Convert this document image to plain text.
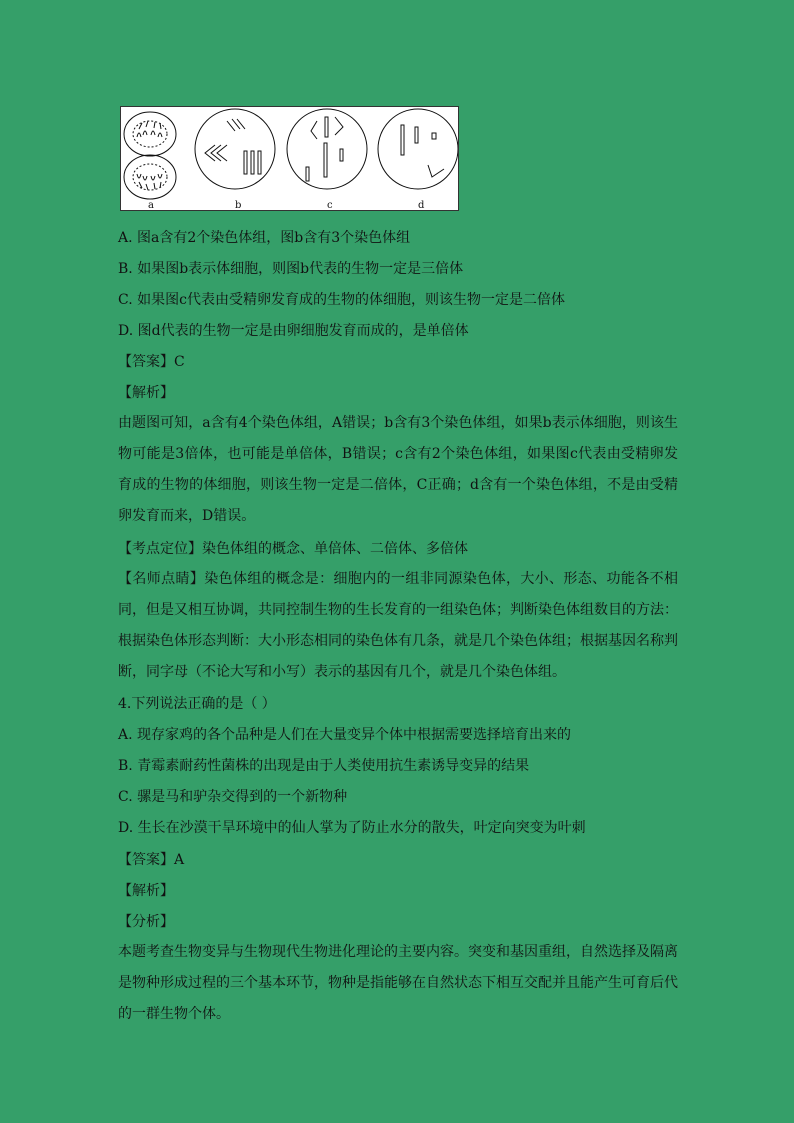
a	b	c	d
A. 图a含有2个染色体组，图b含有3个染色体组
B. 如果图b表示体细胞，则图b代表的生物一定是三倍体
C. 如果图c代表由受精卵发育成的生物的体细胞，则该生物一定是二倍体
D. 图d代表的生物一定是由卵细胞发育而成的，是单倍体
【答案】C
【解析】
由题图可知，a含有4个染色体组，A错误；b含有3个染色体组，如果b表示体细胞，则该生物可能是3倍体，也可能是单倍体，B错误；c含有2个染色体组，如果图c代表由受精卵发育成的生物的体细胞，则该生物一定是二倍体，C正确；d含有一个染色体组，不是由受精卵发育而来，D错误。
【考点定位】染色体组的概念、单倍体、二倍体、多倍体
【名师点睛】染色体组的概念是：细胞内的一组非同源染色体，大小、形态、功能各不相同，但是又相互协调，共同控制生物的生长发育的一组染色体；判断染色体组数目的方法：根据染色体形态判断：大小形态相同的染色体有几条，就是几个染色体组；根据基因名称判断，同字母（不论大写和小写）表示的基因有几个，就是几个染色体组。
4.下列说法正确的是（ ）
A. 现存家鸡的各个品种是人们在大量变异个体中根据需要选择培育出来的
B. 青霉素耐药性菌株的出现是由于人类使用抗生素诱导变异的结果
C. 骡是马和驴杂交得到的一个新物种
D. 生长在沙漠干旱环境中的仙人掌为了防止水分的散失，叶定向突变为叶刺
【答案】A
【解析】
【分析】
本题考查生物变异与生物现代生物进化理论的主要内容。突变和基因重组，自然选择及隔离是物种形成过程的三个基本环节，物种是指能够在自然状态下相互交配并且能产生可育后代的一群生物个体。
